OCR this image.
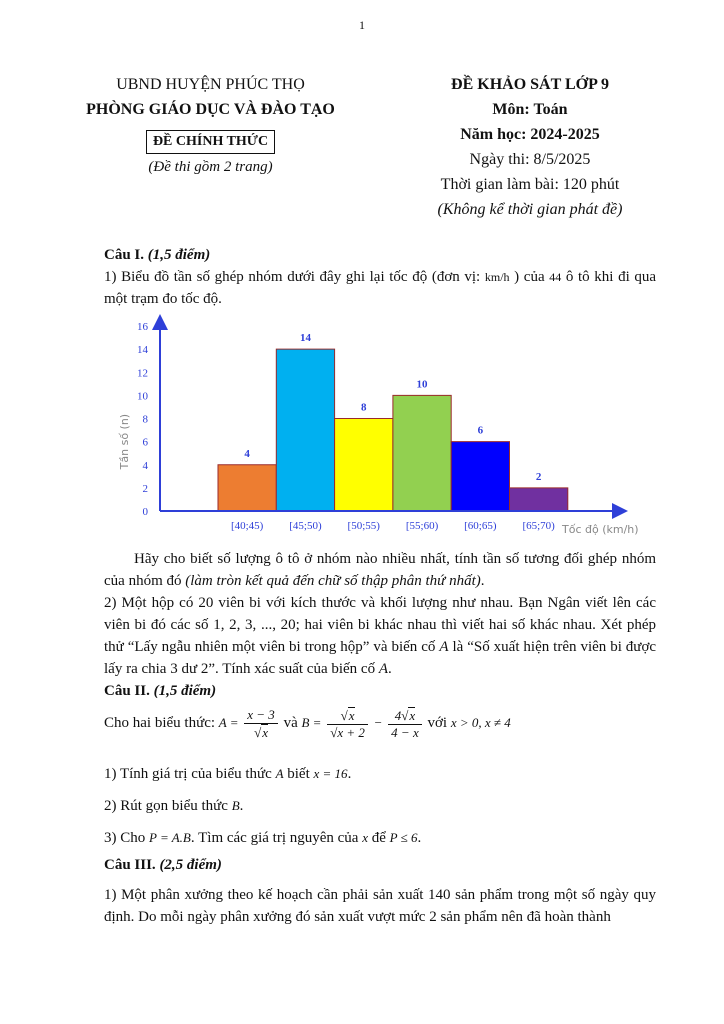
1
UBND HUYỆN PHÚC THỌ
PHÒNG GIÁO DỤC VÀ ĐÀO TẠO
ĐỀ CHÍNH THỨC
(Đề thi gồm 2 trang)
ĐỀ KHẢO SÁT LỚP 9
Môn: Toán
Năm học: 2024-2025
Ngày thi: 8/5/2025
Thời gian làm bài: 120 phút
(Không kể thời gian phát đề)

Câu I. (1,5 điểm)

1) Biểu đồ tần số ghép nhóm dưới đây ghi lại tốc độ (đơn vị: km/h ) của 44 ô tô khi đi qua một trạm đo tốc độ.

0
2
4
6
8
10
12
14
16
Tần số (n)	4
[40;45)
14
[45;50)
8
[50;55)
10
[55;60)
6
[60;65)
2
[65;70) Tốc độ (km/h)

Hãy cho biết số lượng ô tô ở nhóm nào nhiều nhất, tính tần số tương đối ghép nhóm của nhóm đó (làm tròn kết quả đến chữ số thập phân thứ nhất).

2) Một hộp có 20 viên bi với kích thước và khối lượng như nhau. Bạn Ngân viết lên các viên bi đó các số 1, 2, 3, ..., 20; hai viên bi khác nhau thì viết hai số khác nhau. Xét phép thử “Lấy ngẫu nhiên một viên bi trong hộp” và biến cố A là “Số xuất hiện trên viên bi được lấy ra chia 3 dư 2”. Tính xác suất của biến cố A.

Câu II. (1,5 điểm)

Cho hai biểu thức: $A = \frac{x - 3}{√x}$ và $B = \frac{√x}{√x + 2} - \frac{4√x}{4 - x}$ với x > 0, x ≠ 4

1) Tính giá trị của biểu thức A biết x = 16.

2) Rút gọn biểu thức B.

3) Cho P = A.B. Tìm các giá trị nguyên của x để P ≤ 6.

Câu III. (2,5 điểm)

1) Một phân xưởng theo kế hoạch cần phải sản xuất 140 sản phẩm trong một số ngày quy định. Do mỗi ngày phân xưởng đó sản xuất vượt mức 2 sản phẩm nên đã hoàn thành
